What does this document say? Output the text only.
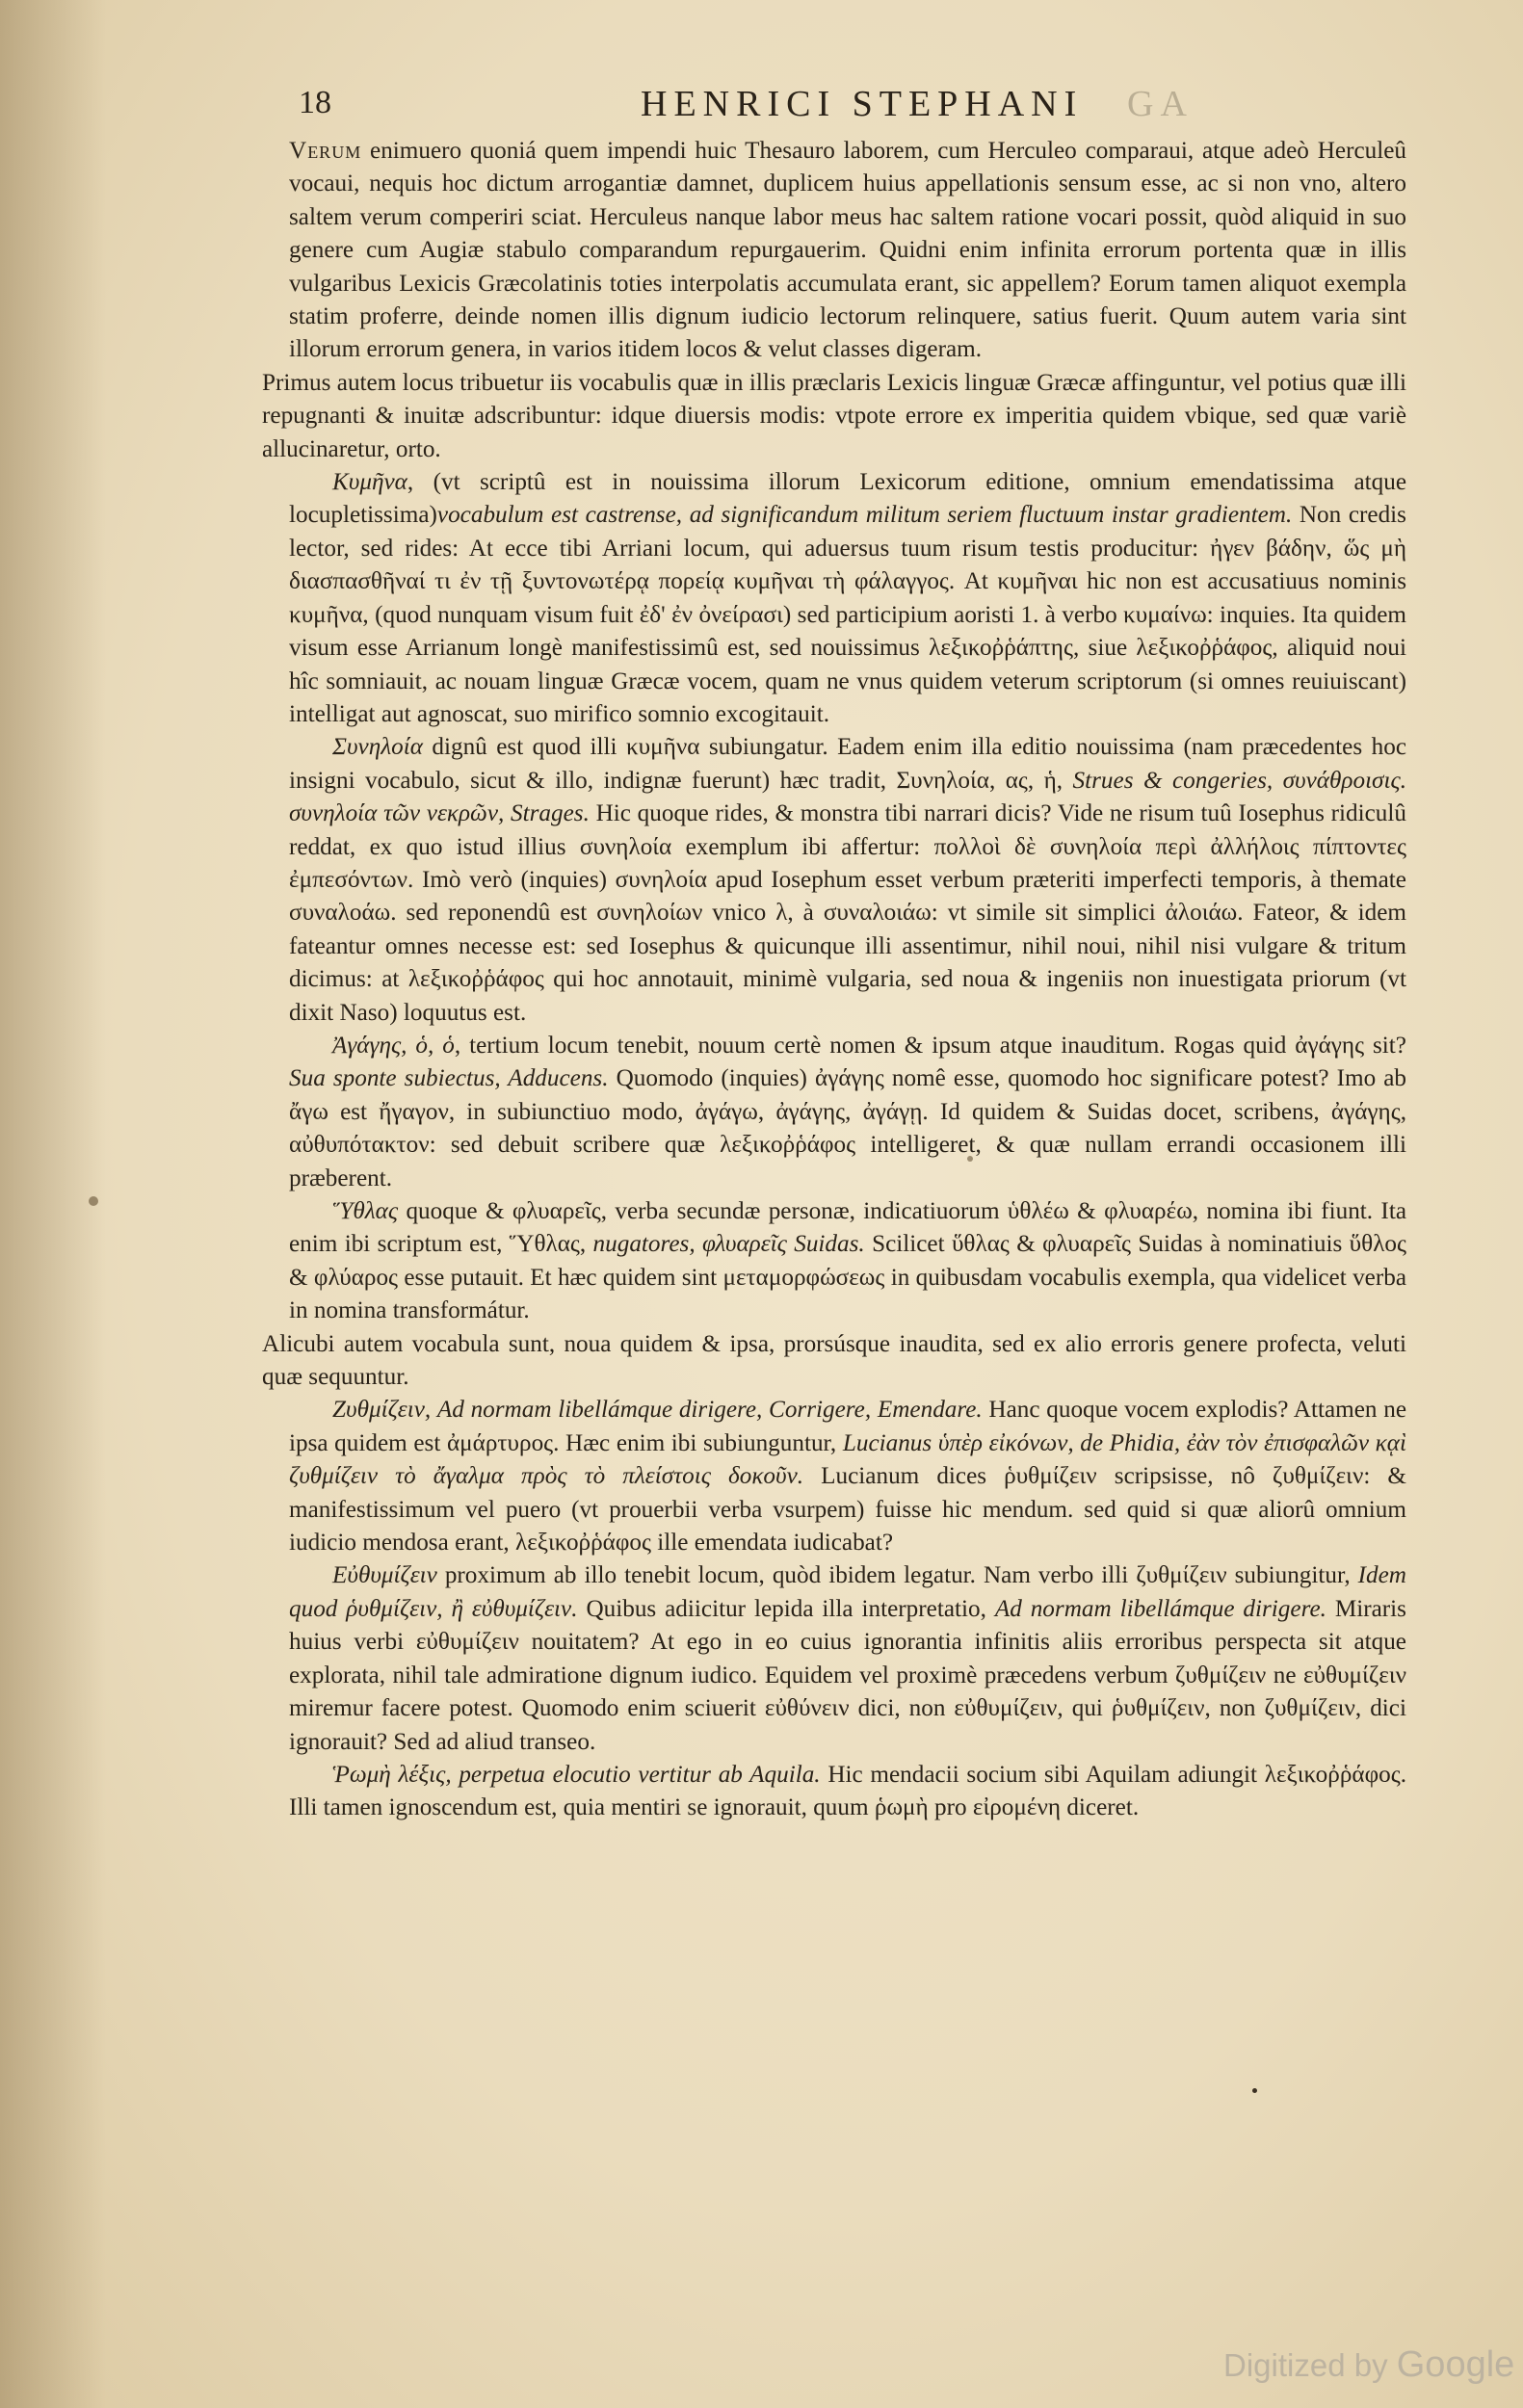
18	HENRICI STEPHANI GA

Verum enimuero quoniá quem impendi huic Thesauro laborem, cum Herculeo comparaui, atque adeò Herculeû vocaui, nequis hoc dictum arrogantiæ damnet, duplicem huius appellationis sensum esse, ac si non vno, altero saltem verum comperiri sciat. Herculeus nanque labor meus hac saltem ratione vocari possit, quòd aliquid in suo genere cum Augiæ stabulo comparandum repurgauerim. Quidni enim infinita errorum portenta quæ in illis vulgaribus Lexicis Græcolatinis toties interpolatis accumulata erant, sic appellem? Eorum tamen aliquot exempla statim proferre, deinde nomen illis dignum iudicio lectorum relinquere, satius fuerit. Quum autem varia sint illorum errorum genera, in varios itidem locos & velut classes digeram.

Primus autem locus tribuetur iis vocabulis quæ in illis præclaris Lexicis linguæ Græcæ affinguntur, vel potius quæ illi repugnanti & inuitæ adscribuntur: idque diuersis modis: vtpote errore ex imperitia quidem vbique, sed quæ variè allucinaretur, orto.

Κυμῆνα, (vt scriptû est in nouissima illorum Lexicorum editione, omnium emendatissima atque locupletissima)vocabulum est castrense, ad significandum militum seriem fluctuum instar gradientem. Non credis lector, sed rides: At ecce tibi Arriani locum, qui aduersus tuum risum testis producitur: ἠγεν βάδην, ὥς μὴ διασπασθῆναί τι ἐν τῇ ξυντονωτέρᾳ πορείᾳ κυμῆναι τὴ φάλαγγος. At κυμῆναι hic non est accusatiuus nominis κυμῆνα, (quod nunquam visum fuit ἐδ' ἐν ὀνείρασι) sed participium aoristi 1. à verbo κυμαίνω: inquies. Ita quidem visum esse Arrianum longè manifestissimû est, sed nouissimus λεξικοῤῥάπτης, siue λεξικοῤῥάφος, aliquid noui hîc somniauit, ac nouam linguæ Græcæ vocem, quam ne vnus quidem veterum scriptorum (si omnes reuiuiscant) intelligat aut agnoscat, suo mirifico somnio excogitauit.

Συνηλοία dignû est quod illi κυμῆνα subiungatur. Eadem enim illa editio nouissima (nam præcedentes hoc insigni vocabulo, sicut & illo, indignæ fuerunt) hæc tradit, Συνηλοία, ας, ἡ, Strues & congeries, συνάθροισις. συνηλοία τῶν νεκρῶν, Strages. Hic quoque rides, & monstra tibi narrari dicis? Vide ne risum tuû Iosephus ridiculû reddat, ex quo istud illius συνηλοία exemplum ibi affertur: πολλοὶ δὲ συνηλοία περὶ ἀλλήλοις πίπτοντες ἐμπεσόντων. Imò verò (inquies) συνηλοία apud Iosephum esset verbum præteriti imperfecti temporis, à themate συναλοάω. sed reponendû est συνηλοίων vnico λ, à συναλοιάω: vt simile sit simplici ἀλοιάω. Fateor, & idem fateantur omnes necesse est: sed Iosephus & quicunque illi assentimur, nihil noui, nihil nisi vulgare & tritum dicimus: at λεξικοῤῥάφος qui hoc annotauit, minimè vulgaria, sed noua & ingeniis non inuestigata priorum (vt dixit Naso) loquutus est.

Ἀγάγης, ὁ, ὁ, tertium locum tenebit, nouum certè nomen & ipsum atque inauditum. Rogas quid ἀγάγης sit? Sua sponte subiectus, Adducens. Quomodo (inquies) ἀγάγης nomê esse, quomodo hoc significare potest? Imo ab ἄγω est ἤγαγον, in subiunctiuo modo, ἀγάγω, ἀγάγης, ἀγάγῃ. Id quidem & Suidas docet, scribens, ἀγάγης, αὐθυπότακτον: sed debuit scribere quæ λεξικοῤῥάφος intelligeret, & quæ nullam errandi occasionem illi præberent.

Ὕθλας quoque & φλυαρεῖς, verba secundæ personæ, indicatiuorum ὑθλέω & φλυαρέω, nomina ibi fiunt. Ita enim ibi scriptum est, Ὕθλας, nugatores, φλυαρεῖς Suidas. Scilicet ὕθλας & φλυαρεῖς Suidas à nominatiuis ὕθλος & φλύαρος esse putauit. Et hæc quidem sint μεταμορφώσεως in quibusdam vocabulis exempla, qua videlicet verba in nomina transformátur.

Alicubi autem vocabula sunt, noua quidem & ipsa, prorsúsque inaudita, sed ex alio erroris genere profecta, veluti quæ sequuntur.

Ζυθμίζειν, Ad normam libellámque dirigere, Corrigere, Emendare. Hanc quoque vocem explodis? Attamen ne ipsa quidem est ἀμάρτυρος. Hæc enim ibi subiunguntur, Lucianus ὑπὲρ εἰκόνων, de Phidia, ἐὰν τὸν ἐπισφαλῶν κᾳὶ ζυθμίζειν τὸ ἄγαλμα πρὸς τὸ πλείστοις δοκοῦν. Lucianum dices ῥυθμίζειν scripsisse, nô ζυθμίζειν: & manifestissimum vel puero (vt prouerbii verba vsurpem) fuisse hic mendum. sed quid si quæ aliorû omnium iudicio mendosa erant, λεξικοῤῥάφος ille emendata iudicabat?

Εὐθυμίζειν proximum ab illo tenebit locum, quòd ibidem legatur. Nam verbo illi ζυθμίζειν subiungitur, Idem quod ῥυθμίζειν, ἢ εὐθυμίζειν. Quibus adiicitur lepida illa interpretatio, Ad normam libellámque dirigere. Miraris huius verbi εὐθυμίζειν nouitatem? At ego in eo cuius ignorantia infinitis aliis erroribus perspecta sit atque explorata, nihil tale admiratione dignum iudico. Equidem vel proximè præcedens verbum ζυθμίζειν ne εὐθυμίζειν miremur facere potest. Quomodo enim sciuerit εὐθύνειν dici, non εὐθυμίζειν, qui ῥυθμίζειν, non ζυθμίζειν, dici ignorauit? Sed ad aliud transeo.

Ῥωμὴ λέξις, perpetua elocutio vertitur ab Aquila. Hic mendacii socium sibi Aquilam adiungit λεξικοῤῥάφος. Illi tamen ignoscendum est, quia mentiri se ignorauit, quum ῥωμὴ pro εἰρομένη diceret.

Digitized by Google
